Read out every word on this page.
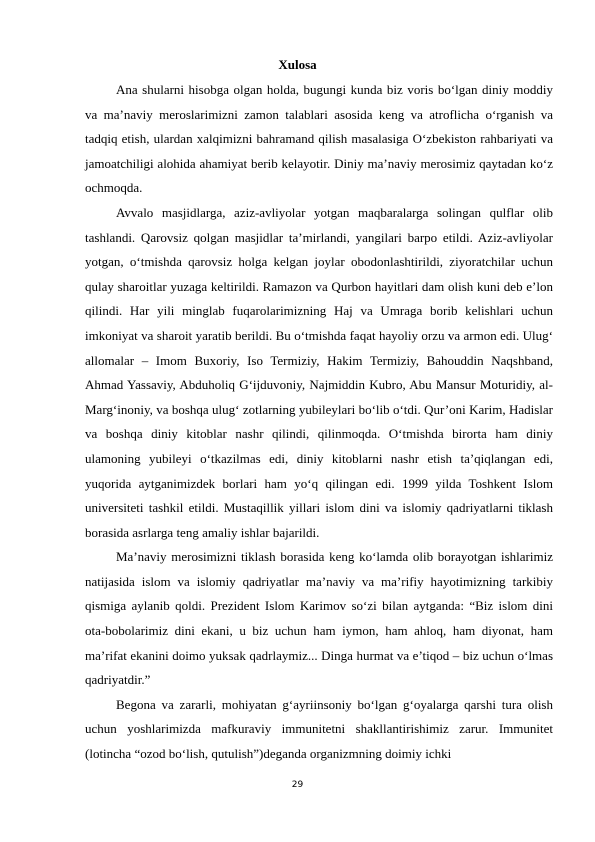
Xulosa

Ana shularni hisobga olgan holda, bugungi kunda biz voris bo‘lgan diniy moddiy va ma’naviy meroslarimizni zamon talablari asosida keng va atroflicha o‘rganish va tadqiq etish, ulardan xalqimizni bahramand qilish masalasiga O‘zbekiston rahbariyati va jamoatchiligi alohida ahamiyat berib kelayotir. Diniy ma’naviy merosimiz qaytadan ko‘z ochmoqda.

Avvalo masjidlarga, aziz-avliyolar yotgan maqbaralarga solingan qulflar olib tashlandi. Qarovsiz qolgan masjidlar ta’mirlandi, yangilari barpo etildi. Aziz-avliyolar yotgan, o‘tmishda qarovsiz holga kelgan joylar obodonlashtirildi, ziyoratchilar uchun qulay sharoitlar yuzaga keltirildi. Ramazon va Qurbon hayitlari dam olish kuni deb e’lon qilindi. Har yili minglab fuqarolarimizning Haj va Umraga borib kelishlari uchun imkoniyat va sharoit yaratib berildi. Bu o‘tmishda faqat hayoliy orzu va armon edi. Ulug‘ allomalar – Imom Buxoriy, Iso Termiziy, Hakim Termiziy, Bahouddin Naqshband, Ahmad Yassaviy, Abduholiq G‘ijduvoniy, Najmiddin Kubro, Abu Mansur Moturidiy, al-Marg‘inoniy, va boshqa ulug‘ zotlarning yubileylari bo‘lib o‘tdi. Qur’oni Karim, Hadislar va boshqa diniy kitoblar nashr qilindi, qilinmoqda. O‘tmishda birorta ham diniy ulamoning yubileyi o‘tkazilmas edi, diniy kitoblarni nashr etish ta’qiqlangan edi, yuqorida aytganimizdek borlari ham yo‘q qilingan edi. 1999 yilda Toshkent Islom universiteti tashkil etildi. Mustaqillik yillari islom dini va islomiy qadriyatlarni tiklash borasida asrlarga teng amaliy ishlar bajarildi.

Ma’naviy merosimizni tiklash borasida keng ko‘lamda olib borayotgan ishlarimiz natijasida islom va islomiy qadriyatlar ma’naviy va ma’rifiy hayotimizning tarkibiy qismiga aylanib qoldi. Prezident Islom Karimov so‘zi bilan aytganda: “Biz islom dini ota-bobolarimiz dini ekani, u biz uchun ham iymon, ham ahloq, ham diyonat, ham ma’rifat ekanini doimo yuksak qadrlaymiz... Dinga hurmat va e’tiqod – biz uchun o‘lmas qadriyatdir.”

Begona va zararli, mohiyatan g‘ayriinsoniy bo‘lgan g‘oyalarga qarshi tura olish uchun yoshlarimizda mafkuraviy immunitetni shakllantirishimiz zarur. Immunitet (lotincha “ozod bo‘lish, qutulish”)deganda organizmning doimiy ichki

29
